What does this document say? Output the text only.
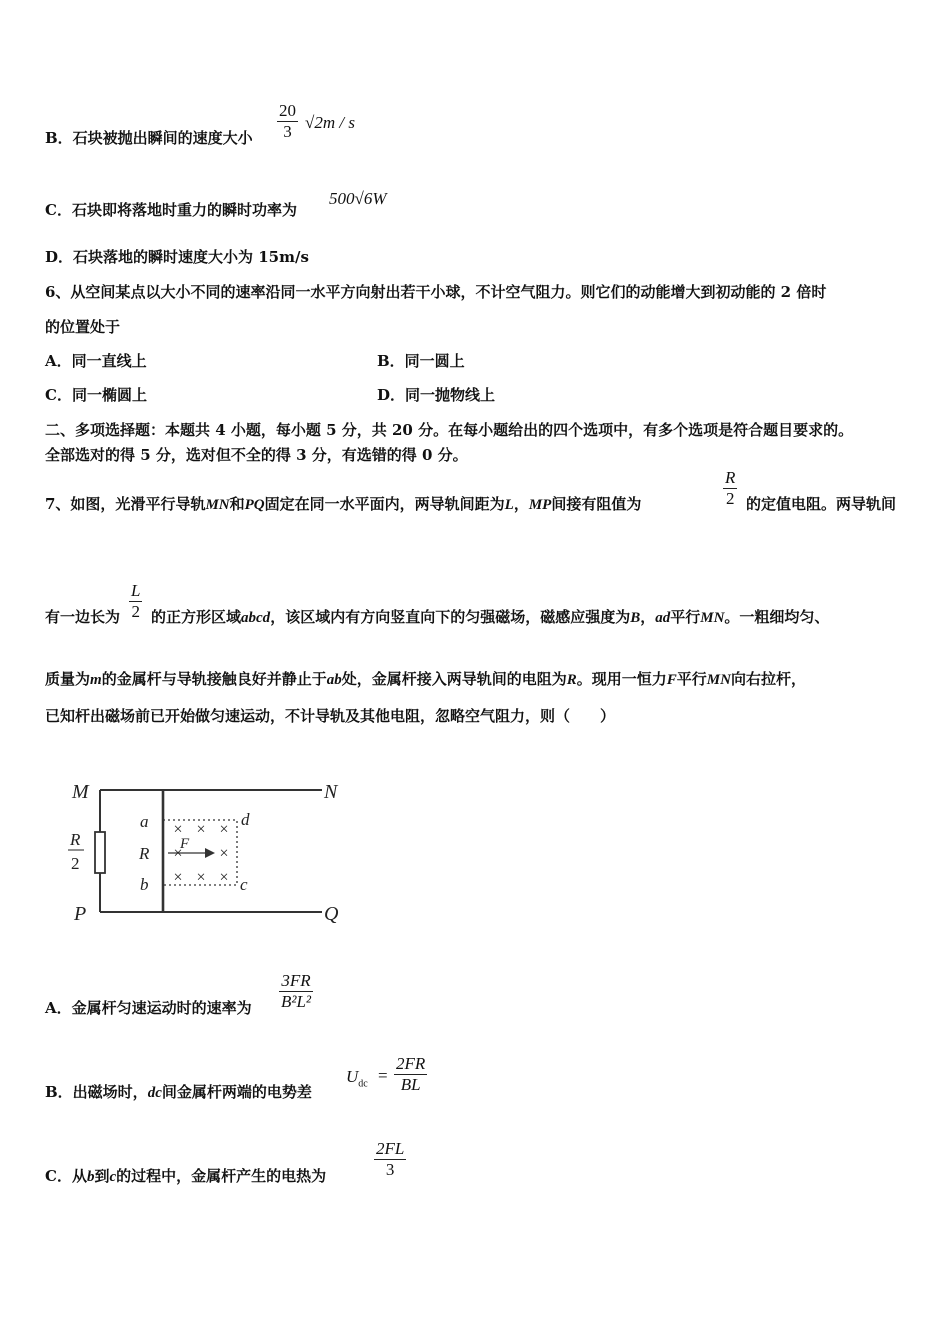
B．石块被抛出瞬间的速度大小 $\frac{20}{3} √2m$ / s
C．石块即将落地时重力的瞬时功率为
500√6W
D．石块落地的瞬时速度大小为 15m/s
6、从空间某点以大小不同的速率沿同一水平方向射出若干小球，不计空气阻力。则它们的动能增大到初动能的 2 倍时
的位置处于
A．同一直线上	B．同一圆上
C．同一椭圆上	D．同一抛物线上
二、多项选择题：本题共 4 小题，每小题 5 分，共 20 分。在每小题给出的四个选项中，有多个选项是符合题目要求的。
全部选对的得 5 分，选对但不全的得 3 分，有选错的得 0 分。
7、如图，光滑平行导轨MN和PQ固定在同一水平面内，两导轨间距为L，MP间接有阻值为	$\frac{R}{2}$ 的定值电阻。两导轨间
有一边长为 $\frac{L}{2}$ 的正方形区域abcd，该区域内有方向竖直向下的匀强磁场，磁感应强度为B，ad平行MN。一粗细均匀、
质量为m的金属杆与导轨接触良好并静止于ab处，金属杆接入两导轨间的电阻为R。现用一恒力F平行MN向右拉杆，
已知杆出磁场前已开始做匀速运动，不计导轨及其他电阻，忽略空气阻力，则（　　）
M	N
P	Q
a
R
b
d
c
F
R
2
× × ×
× ×
× × ×
A．金属杆匀速运动时的速率为 $\frac{3FR}{\text{B²L²}}$
B．出磁场时，dc间金属杆两端的电势差
$U_{dc} = \frac{2FR}{BL}$
C．从b到c的过程中，金属杆产生的电热为	$\frac{2FL}{3}$
